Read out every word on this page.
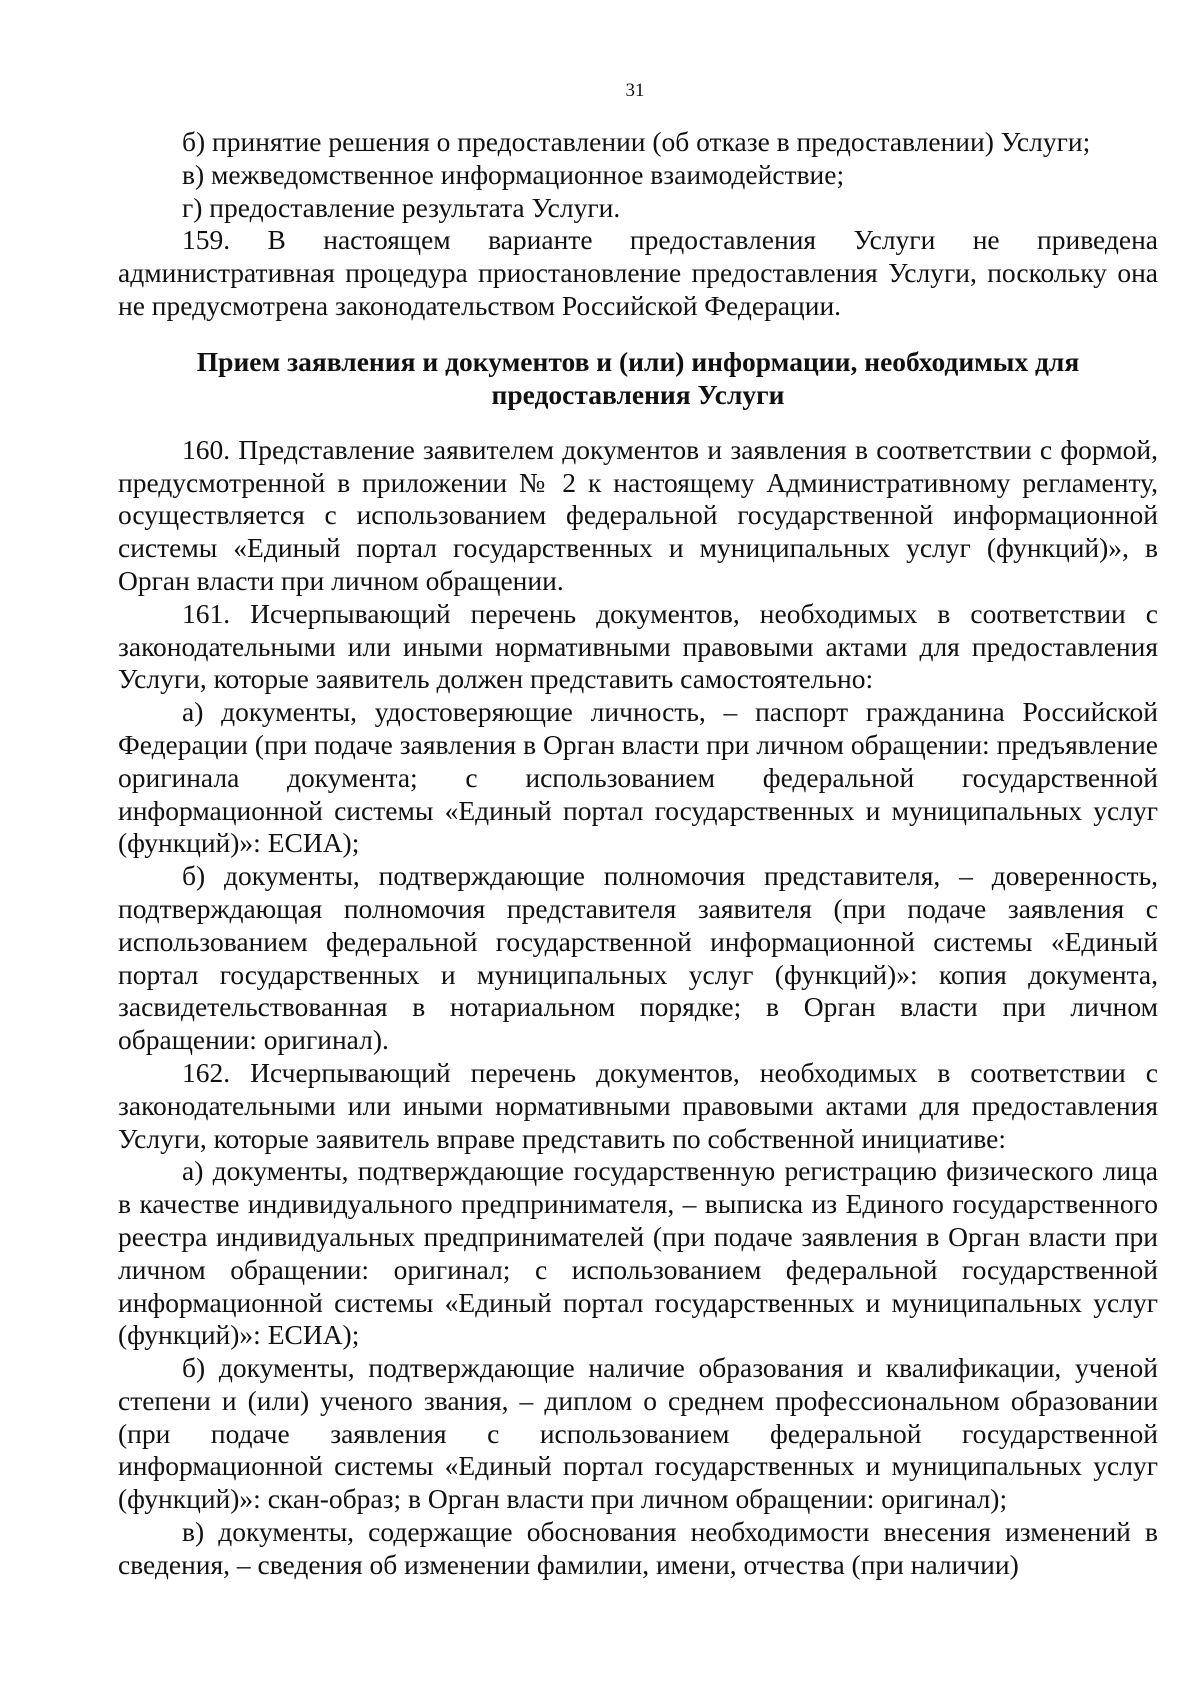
31

б) принятие решения о предоставлении (об отказе в предоставлении) Услуги;

в) межведомственное информационное взаимодействие;

г) предоставление результата Услуги.

159. В настоящем варианте предоставления Услуги не приведена административная процедура приостановление предоставления Услуги, поскольку она не предусмотрена законодательством Российской Федерации.

Прием заявления и документов и (или) информации, необходимых для предоставления Услуги

160. Представление заявителем документов и заявления в соответствии с формой, предусмотренной в приложении № 2 к настоящему Административному регламенту, осуществляется с использованием федеральной государственной информационной системы «Единый портал государственных и муниципальных услуг (функций)», в Орган власти при личном обращении.

161. Исчерпывающий перечень документов, необходимых в соответствии с законодательными или иными нормативными правовыми актами для предоставления Услуги, которые заявитель должен представить самостоятельно:

а) документы, удостоверяющие личность, – паспорт гражданина Российской Федерации (при подаче заявления в Орган власти при личном обращении: предъявление оригинала документа; с использованием федеральной государственной информационной системы «Единый портал государственных и муниципальных услуг (функций)»: ЕСИА);

б) документы, подтверждающие полномочия представителя, – доверенность, подтверждающая полномочия представителя заявителя (при подаче заявления с использованием федеральной государственной информационной системы «Единый портал государственных и муниципальных услуг (функций)»: копия документа, засвидетельствованная в нотариальном порядке; в Орган власти при личном обращении: оригинал).

162. Исчерпывающий перечень документов, необходимых в соответствии с законодательными или иными нормативными правовыми актами для предоставления Услуги, которые заявитель вправе представить по собственной инициативе:

а) документы, подтверждающие государственную регистрацию физического лица в качестве индивидуального предпринимателя, – выписка из Единого государственного реестра индивидуальных предпринимателей (при подаче заявления в Орган власти при личном обращении: оригинал; с использованием федеральной государственной информационной системы «Единый портал государственных и муниципальных услуг (функций)»: ЕСИА);

б) документы, подтверждающие наличие образования и квалификации, ученой степени и (или) ученого звания, – диплом о среднем профессиональном образовании (при подаче заявления с использованием федеральной государственной информационной системы «Единый портал государственных и муниципальных услуг (функций)»: скан-образ; в Орган власти при личном обращении: оригинал);

в) документы, содержащие обоснования необходимости внесения изменений в сведения, – сведения об изменении фамилии, имени, отчества (при наличии)
